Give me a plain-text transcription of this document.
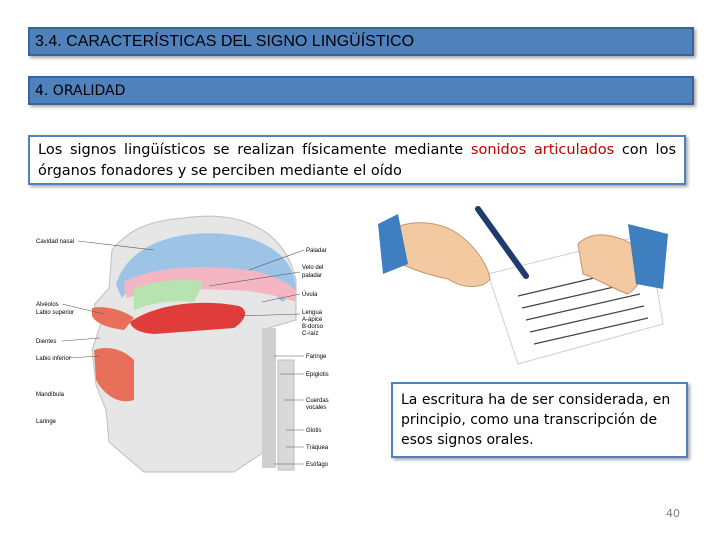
3.4. CARACTERÍSTICAS DEL SIGNO LINGÜÍSTICO
4. ORALIDAD
Los signos lingüísticos se realizan físicamente mediante sonidos articulados con los órganos fonadores y se perciben mediante el oído
Cavidad nasal
Alvéolos
Labio superior
Dientes
Labio inferior
Mandíbula
Laringe
Paladar
Velo del
paladar
Úvula
Lengua
A-ápice
B-dorso
C-raíz
Faringe
Epiglotis
Cuerdas
vocales
Glotis
Tráquea
Esófago
La escritura ha de ser considerada, en principio, como una transcripción de esos signos orales.
40
